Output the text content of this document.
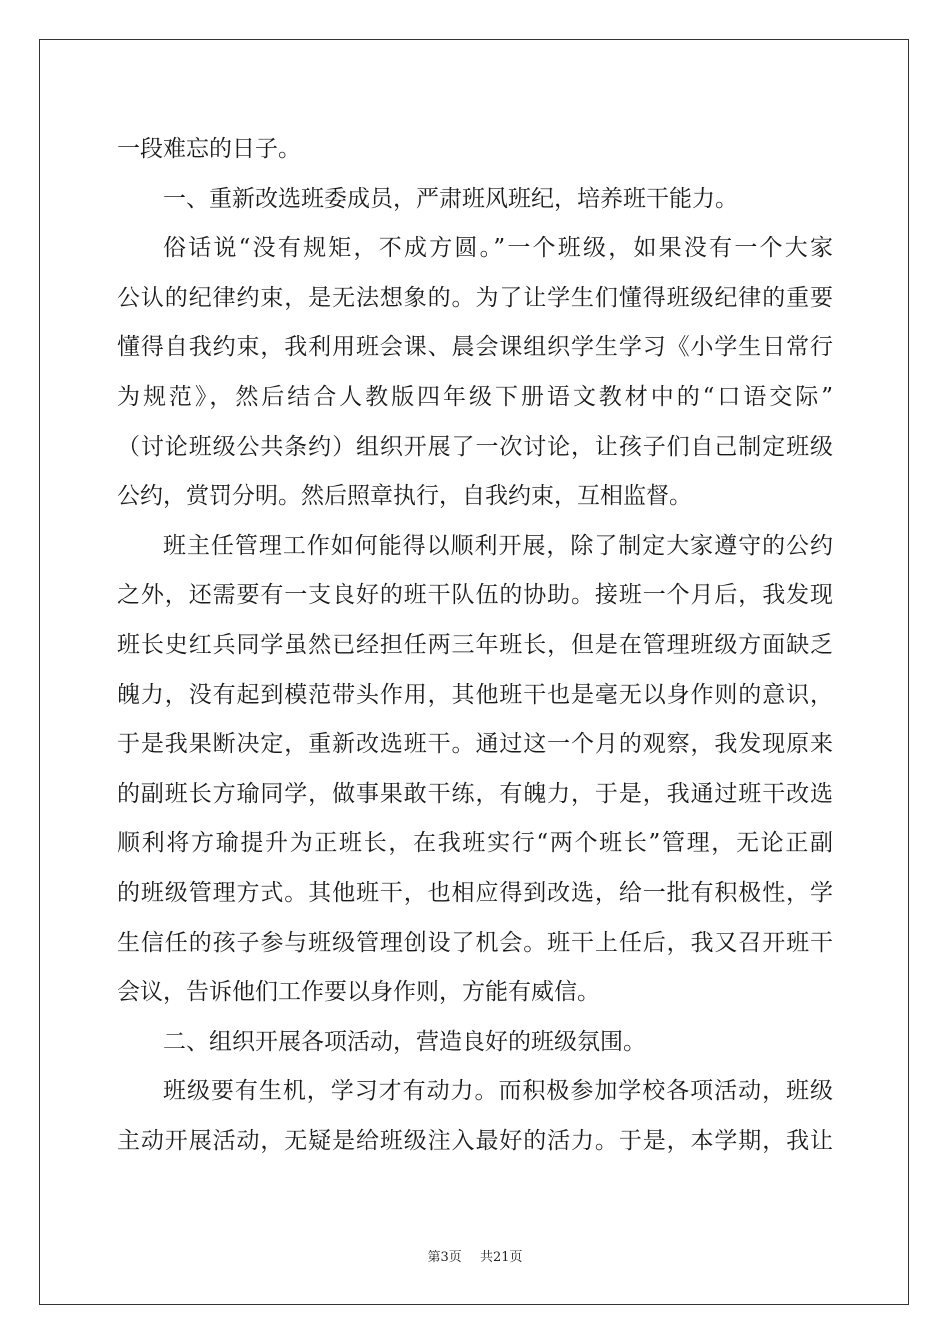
一段难忘的日子。
一、重新改选班委成员，严肃班风班纪，培养班干能力。
俗话说“没有规矩，不成方圆。”一个班级，如果没有一个大家
公认的纪律约束，是无法想象的。为了让学生们懂得班级纪律的重要
懂得自我约束，我利用班会课、晨会课组织学生学习《小学生日常行
为规范》，然后结合人教版四年级下册语文教材中的“口语交际”
（讨论班级公共条约）组织开展了一次讨论，让孩子们自己制定班级
公约，赏罚分明。然后照章执行，自我约束，互相监督。
班主任管理工作如何能得以顺利开展，除了制定大家遵守的公约
之外，还需要有一支良好的班干队伍的协助。接班一个月后，我发现
班长史红兵同学虽然已经担任两三年班长，但是在管理班级方面缺乏
魄力，没有起到模范带头作用，其他班干也是毫无以身作则的意识，
于是我果断决定，重新改选班干。通过这一个月的观察，我发现原来
的副班长方瑜同学，做事果敢干练，有魄力，于是，我通过班干改选
顺利将方瑜提升为正班长，在我班实行“两个班长”管理，无论正副
的班级管理方式。其他班干，也相应得到改选，给一批有积极性，学
生信任的孩子参与班级管理创设了机会。班干上任后，我又召开班干
会议，告诉他们工作要以身作则，方能有威信。
二、组织开展各项活动，营造良好的班级氛围。
班级要有生机，学习才有动力。而积极参加学校各项活动，班级
主动开展活动，无疑是给班级注入最好的活力。于是，本学期，我让
第3页 共21页
